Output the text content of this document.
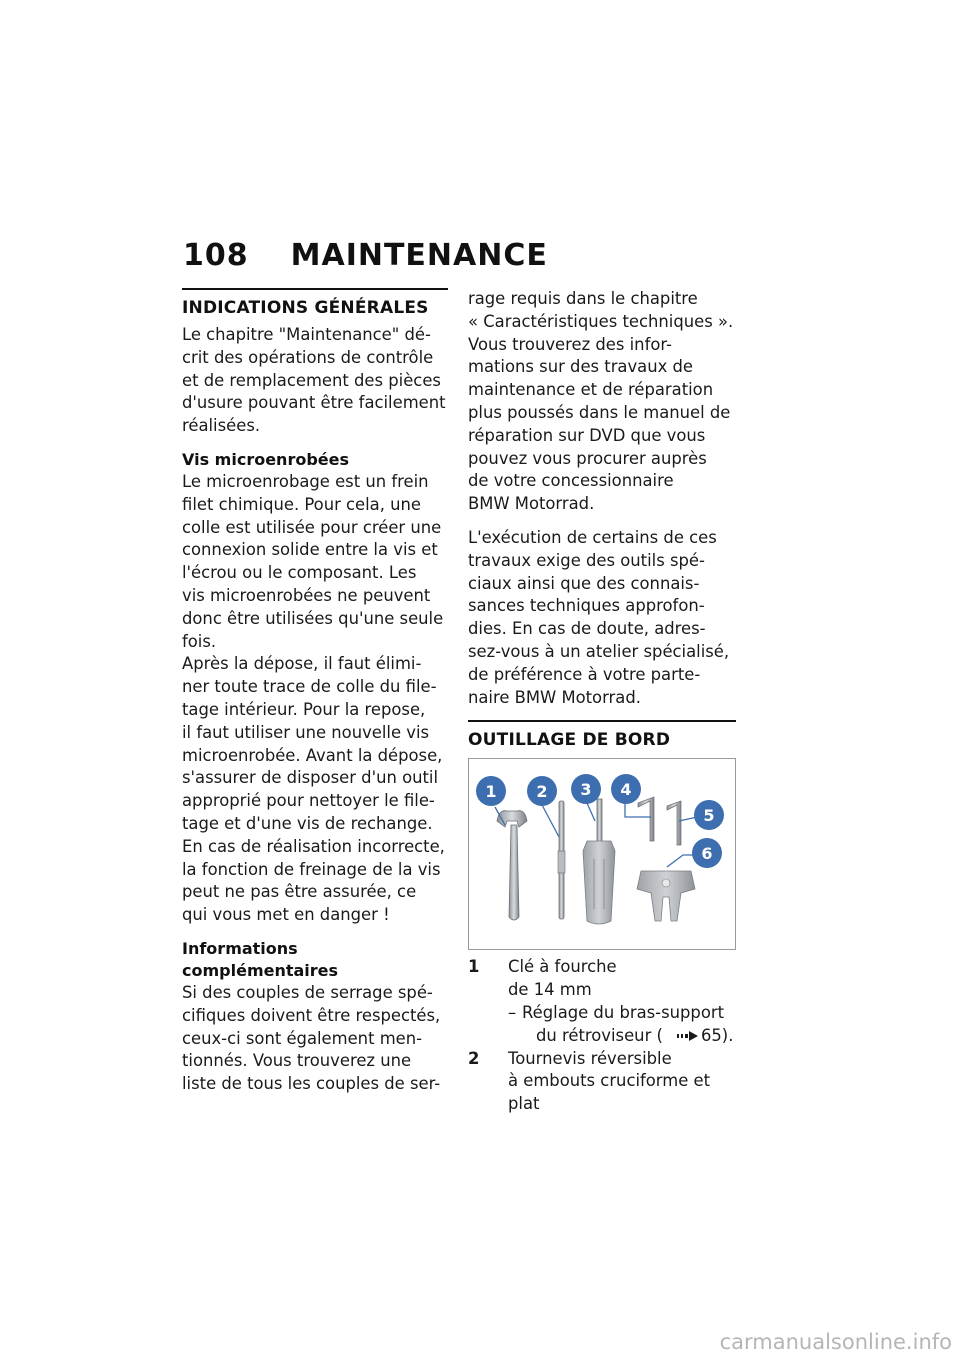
108 MAINTENANCE
INDICATIONS GÉNÉRALES

Le chapitre "Maintenance" dé-

crit des opérations de contrôle

et de remplacement des pièces

d'usure pouvant être facilement

réalisées.

Vis microenrobées

Le microenrobage est un frein

filet chimique. Pour cela, une

colle est utilisée pour créer une

connexion solide entre la vis et

l'écrou ou le composant. Les

vis microenrobées ne peuvent

donc être utilisées qu'une seule

fois.

Après la dépose, il faut élimi-

ner toute trace de colle du file-

tage intérieur. Pour la repose,

il faut utiliser une nouvelle vis

microenrobée. Avant la dépose,

s'assurer de disposer d'un outil

approprié pour nettoyer le file-

tage et d'une vis de rechange.

En cas de réalisation incorrecte,

la fonction de freinage de la vis

peut ne pas être assurée, ce

qui vous met en danger !

Informations complémentaires

Si des couples de serrage spé-

cifiques doivent être respectés,

ceux-ci sont également men-

tionnés. Vous trouverez une

liste de tous les couples de ser-

rage requis dans le chapitre

« Caractéristiques techniques ».

Vous trouverez des infor-

mations sur des travaux de

maintenance et de réparation

plus poussés dans le manuel de

réparation sur DVD que vous

pouvez vous procurer auprès

de votre concessionnaire

BMW Motorrad.

L'exécution de certains de ces

travaux exige des outils spé-

ciaux ainsi que des connais-

sances techniques approfon-

dies. En cas de doute, adres-

sez-vous à un atelier spécialisé,

de préférence à votre parte-

naire BMW Motorrad.

OUTILLAGE DE BORD
1 2 3 4
5
6
1	Clé à fourche
de 14 mm
– Réglage du bras-support
du rétroviseur ( 65).
2	Tournevis réversible
à embouts cruciforme et
plat
carmanualsonline.info
